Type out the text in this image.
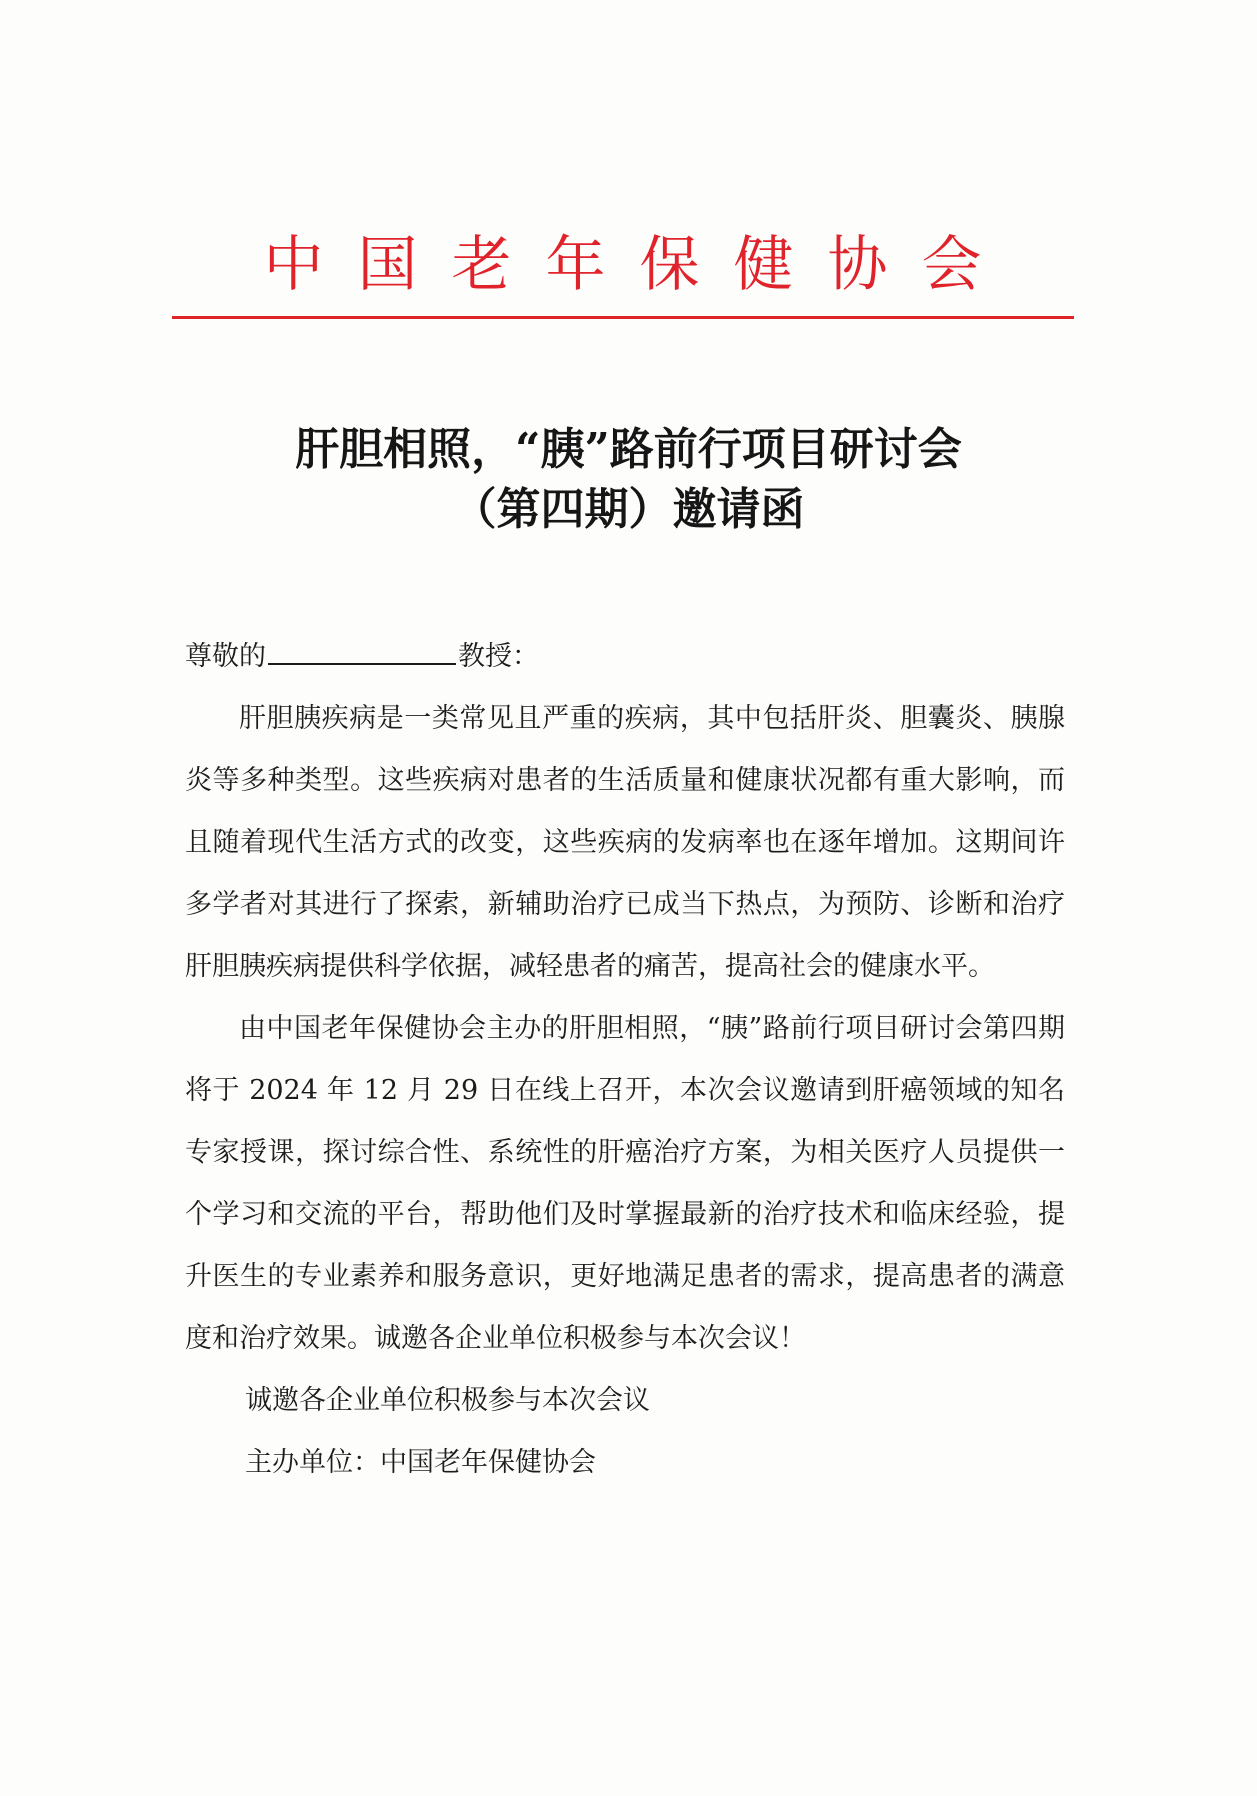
中国老年保健协会
肝胆相照，“胰”路前行项目研讨会
（第四期）邀请函

尊敬的	教授：

肝胆胰疾病是一类常见且严重的疾病，其中包括肝炎、胆囊炎、胰腺炎等多种类型。这些疾病对患者的生活质量和健康状况都有重大影响，而且随着现代生活方式的改变，这些疾病的发病率也在逐年增加。这期间许多学者对其进行了探索，新辅助治疗已成当下热点，为预防、诊断和治疗肝胆胰疾病提供科学依据，减轻患者的痛苦，提高社会的健康水平。

由中国老年保健协会主办的肝胆相照，“胰”路前行项目研讨会第四期将于 2024 年 12 月 29 日在线上召开，本次会议邀请到肝癌领域的知名专家授课，探讨综合性、系统性的肝癌治疗方案，为相关医疗人员提供一个学习和交流的平台，帮助他们及时掌握最新的治疗技术和临床经验，提升医生的专业素养和服务意识，更好地满足患者的需求，提高患者的满意度和治疗效果。诚邀各企业单位积极参与本次会议！

诚邀各企业单位积极参与本次会议

主办单位：中国老年保健协会
